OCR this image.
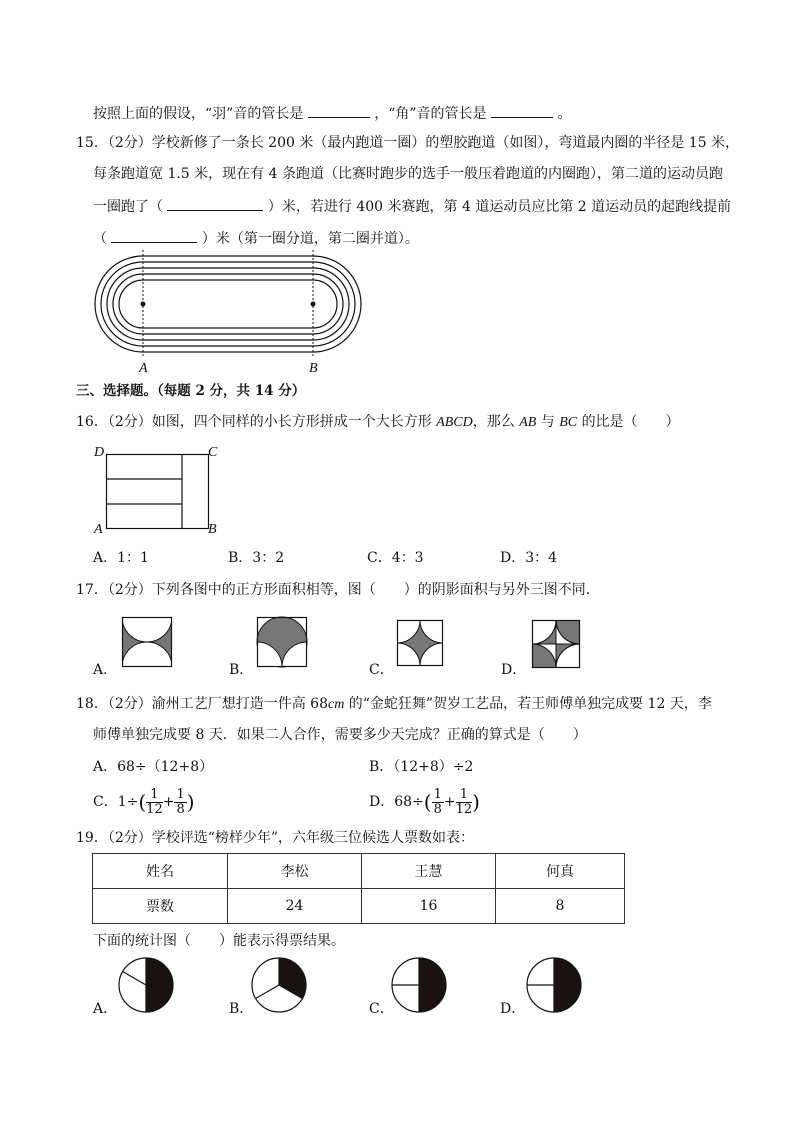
按照上面的假设，“羽”音的管长是	，“角”音的管长是	。
15．（2分）学校新修了一条长 200 米（最内跑道一圈）的塑胶跑道（如图），弯道最内圈的半径是 15 米，
每条跑道宽 1.5 米，现在有 4 条跑道（比赛时跑步的选手一般压着跑道的内圈跑），第二道的运动员跑
一圈跑了（	）米，若进行 400 米赛跑，第 4 道运动员应比第 2 道运动员的起跑线提前
（	）米（第一圈分道，第二圈并道）。
A	B
三、选择题。（每题 2 分，共 14 分）
16．（2分）如图，四个同样的小长方形拼成一个大长方形 ABCD，那么 AB 与 BC 的比是（　　）
D	C
A	B
A．1：1	B．3：2	C．4：3	D．3：4
17．（2分）下列各图中的正方形面积相等，图（　　）的阴影面积与另外三图不同．
A．	B．	C．	D．
18．（2分）渝州工艺厂想打造一件高 68cm 的“金蛇狂舞”贺岁工艺品，若王师傅单独完成要 12 天，李
师傅单独完成要 8 天．如果二人合作，需要多少天完成？正确的算式是（　　）
A．68÷（12+8）	B．（12+8）÷2
C．$1\div( \frac{1}{12} + \frac{1}{8}$ )	D．$68\div( \frac{1}{8} + \frac{1}{12}$ )
19．（2分）学校评选“榜样少年”，六年级三位候选人票数如表：
姓名	李松	王慧	何真
票数	24	16	8
下面的统计图（　　）能表示得票结果。
A．	B．	C．	D．
